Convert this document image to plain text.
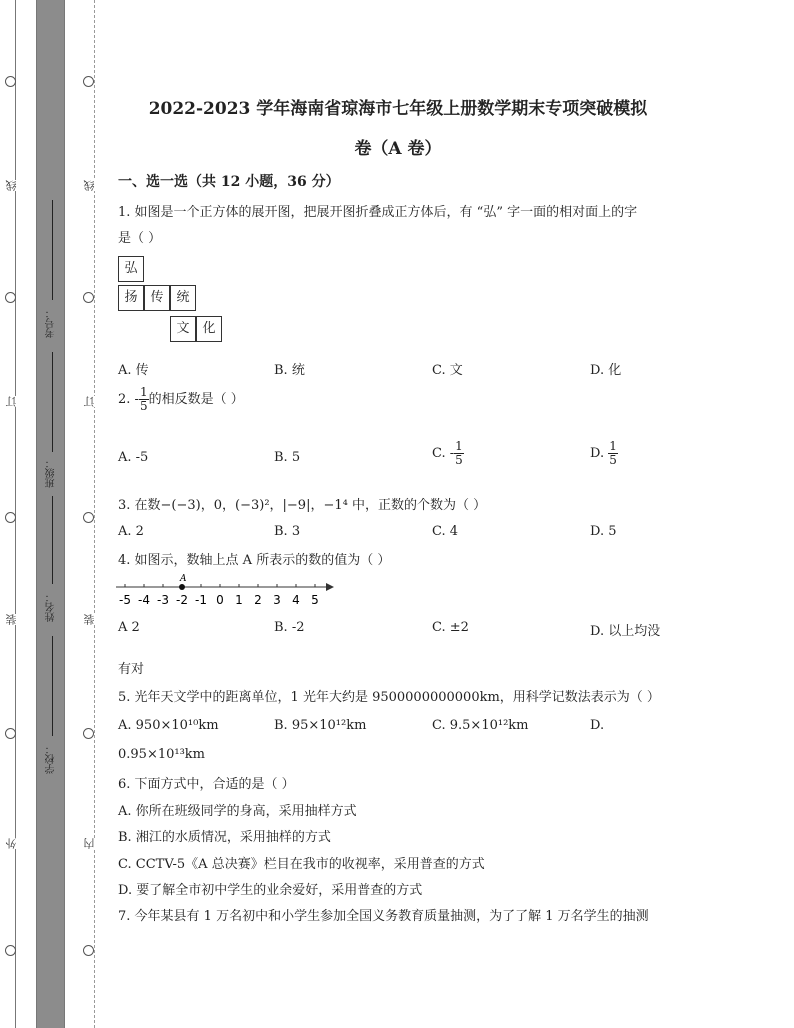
线
订
装
外
线
订
装
内
考号：
班级：
姓名：
学校：
2022-2023 学年海南省琼海市七年级上册数学期末专项突破模拟
卷（A 卷）
一、选一选（共 12 小题，36 分）
1. 如图是一个正方体的展开图，把展开图折叠成正方体后，有 “弘” 字一面的相对面上的字
是（ ）
弘
扬 传 统
文 化
A. 传	B. 统	C. 文	D. 化
2. - $\frac{1}{5}$ 的相反数是（ ）
A. -5	B. 5	C. - $\frac{1}{5}$	D. $\frac{1}{5}$
3. 在数−(−3)，0，(−3)²，|−9|，−1⁴ 中，正数的个数为（ ）
A. 2	B. 3	C. 4	D. 5
4. 如图示，数轴上点 A 所表示的数的值为（ ）
-5 -4 -3 -2 -1 0 1 2 3 4 5
A
A 2	B. -2	C. ±2	D. 以上均没
有对
5. 光年天文学中的距离单位，1 光年大约是 9500000000000km，用科学记数法表示为（ ）
A. 950×10¹⁰km	B. 95×10¹²km	C. 9.5×10¹²km	D.
0.95×10¹³km
6. 下面方式中，合适的是（ ）
A. 你所在班级同学的身高，采用抽样方式
B. 湘江的水质情况，采用抽样的方式
C. CCTV-5《A 总决赛》栏目在我市的收视率，采用普查的方式
D. 要了解全市初中学生的业余爱好，采用普查的方式
7. 今年某县有 1 万名初中和小学生参加全国义务教育质量抽测，为了了解 1 万名学生的抽测
